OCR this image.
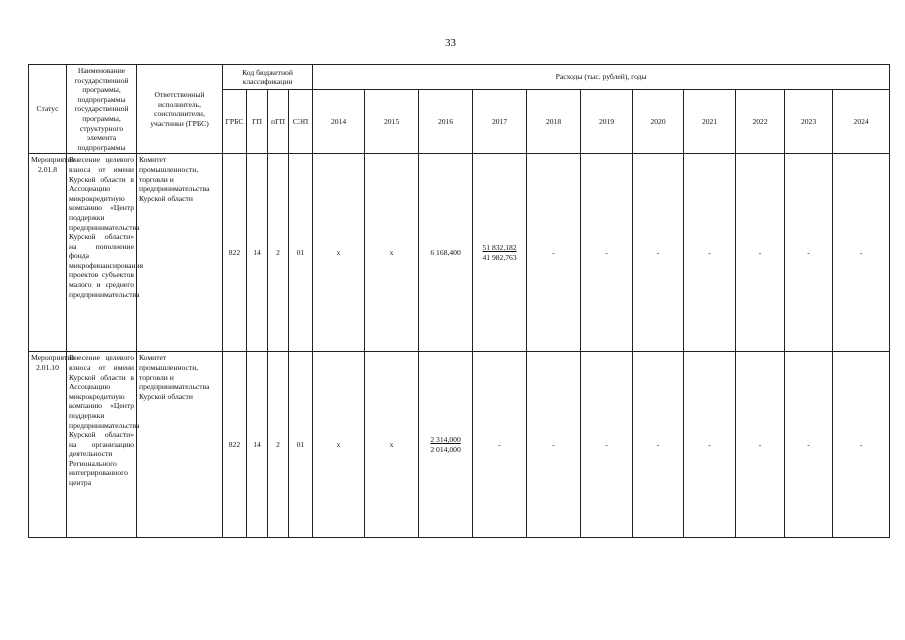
33
Статус	Наименование государственной программы, подпрограммы государственной программы, структурного элемента подпрограммы	Ответственный исполнитель, соисполнители, участники (ГРБС)	Код бюджетной классификации				Расходы (тыс. рублей), годы										
			ГРБС	ГП	пГП	СЭП	2014	2015	2016	2017	2018	2019	2020	2021	2022	2023	2024
Мероприятие 2.01.8	Внесение целевого взноса от имени Курской области в Ассоциацию микрокредитную компанию «Центр поддержки предпринимательства Курской области» на пополнение фонда микрофинансирования проектов субъектов малого и среднего предпринимательства	Комитет промышленности, торговли и предпринимательства Курской области	822	14	2	01	x	x	6 168,400	51 832,182
41 982,763	-	-	-	-	-	-	-
Мероприятие 2.01.10	Внесение целевого взноса от имени Курской области в Ассоциацию микрокредитную компанию «Центр поддержки предпринимательства Курской области» на организацию деятельности Регионального интегрированного центра	Комитет промышленности, торговли и предпринимательства Курской области	822	14	2	01	x	x	2 314,000
2 014,000	-	-	-	-	-	-	-	-
